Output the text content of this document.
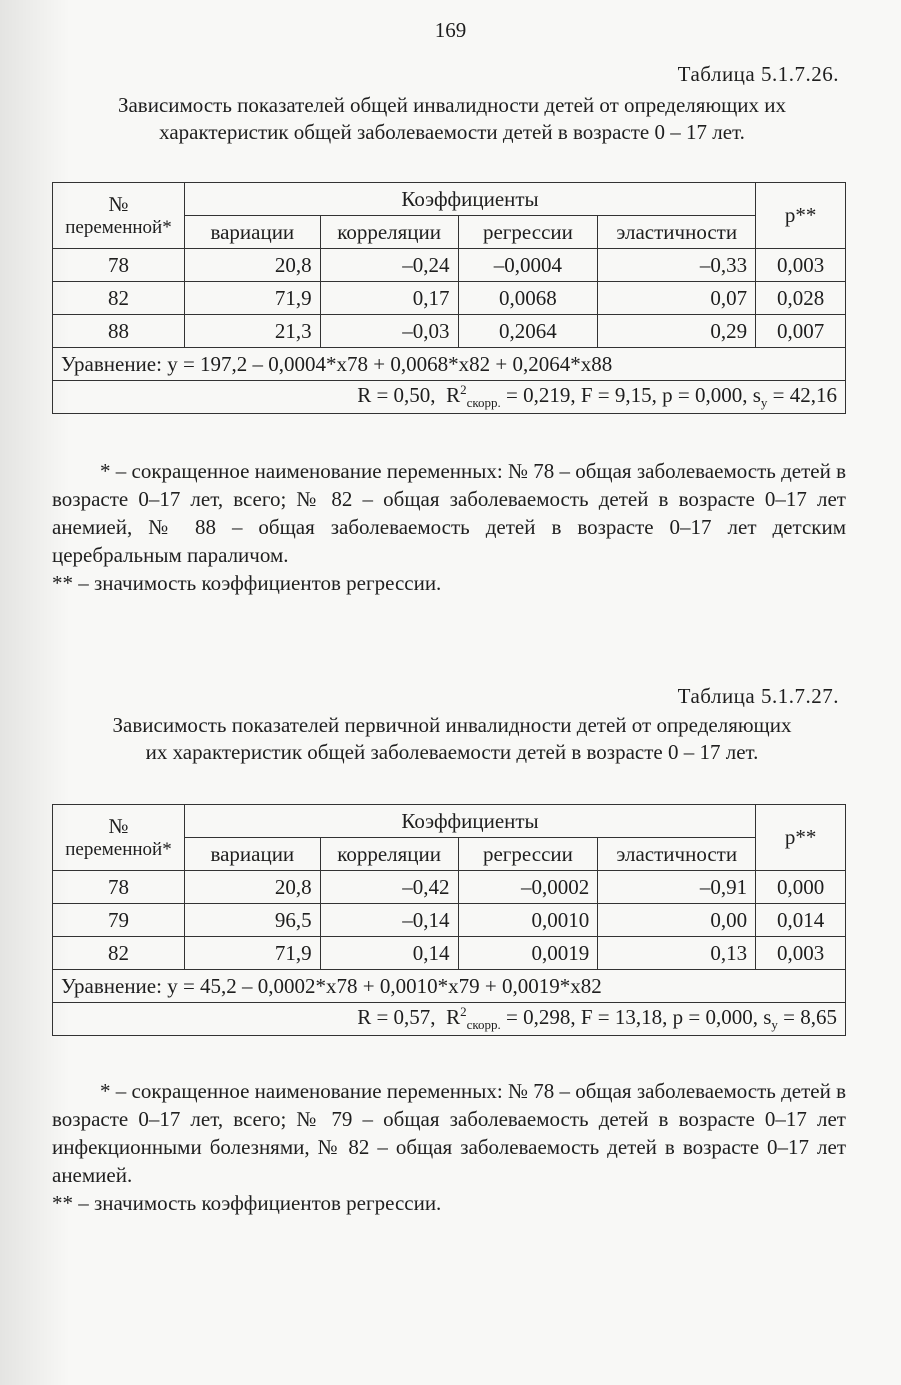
169
Таблица 5.1.7.26.
Зависимость показателей общей инвалидности детей от определяющих их
характеристик общей заболеваемости детей в возрасте 0 – 17 лет.
№
переменной*	Коэффициенты				p**
	вариации	корреляции	регрессии	эластичности	
78	20,8	–0,24	–0,0004	–0,33	0,003
82	71,9	0,17	0,0068	0,07	0,028
88	21,3	–0,03	0,2064	0,29	0,007
Уравнение: y = 197,2 – 0,0004*x78 + 0,0068*x82 + 0,2064*x88					
R = 0,50, $R^2_{скорр.} = 0,219$, F = 9,15, p = 0,000, $s_y = 42,16$					

* – сокращенное наименование переменных: № 78 – общая заболеваемость детей в возрасте 0–17 лет, всего; № 82 – общая заболеваемость детей в возрасте 0–17 лет анемией, № 88 – общая заболеваемость детей в возрасте 0–17 лет детским церебральным параличом.

** – значимость коэффициентов регрессии.

Таблица 5.1.7.27.
Зависимость показателей первичной инвалидности детей от определяющих
их характеристик общей заболеваемости детей в возрасте 0 – 17 лет.
№
переменной*	Коэффициенты				p**
	вариации	корреляции	регрессии	эластичности	
78	20,8	–0,42	–0,0002	–0,91	0,000
79	96,5	–0,14	0,0010	0,00	0,014
82	71,9	0,14	0,0019	0,13	0,003
Уравнение: y = 45,2 – 0,0002*x78 + 0,0010*x79 + 0,0019*x82					
R = 0,57, $R^2_{скорр.} = 0,298$, F = 13,18, p = 0,000, $s_y = 8,65$					

* – сокращенное наименование переменных: № 78 – общая заболеваемость детей в возрасте 0–17 лет, всего; № 79 – общая заболеваемость детей в возрасте 0–17 лет инфекционными болезнями, № 82 – общая заболеваемость детей в возрасте 0–17 лет анемией.

** – значимость коэффициентов регрессии.
